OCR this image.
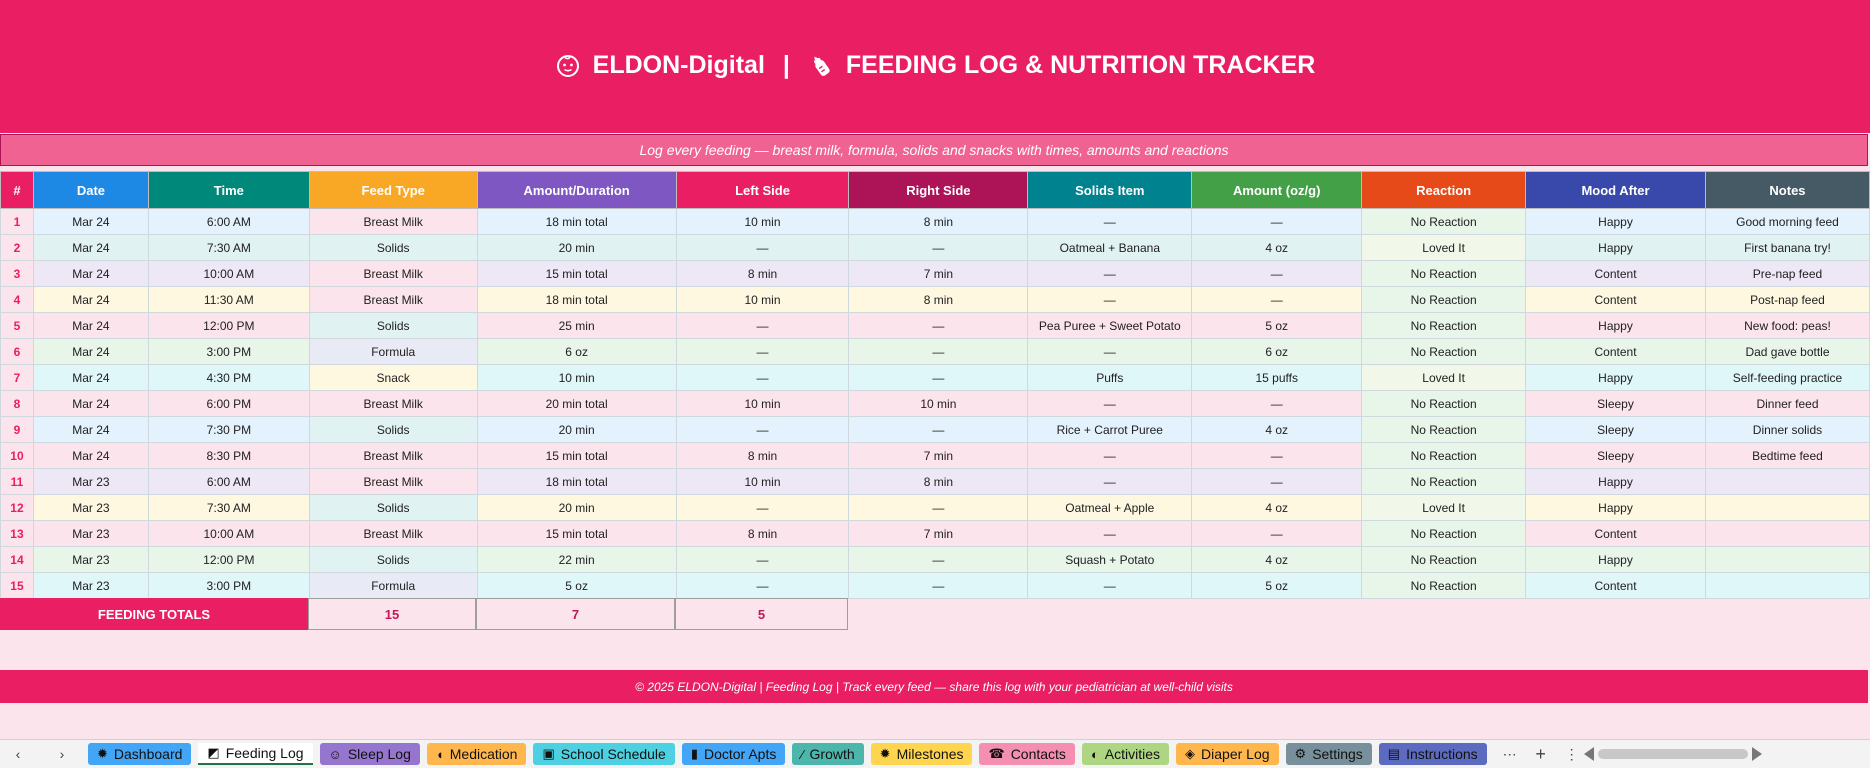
ELDON-Digital | FEEDING LOG & NUTRITION TRACKER
Log every feeding — breast milk, formula, solids and snacks with times, amounts and reactions
#	Date	Time	Feed Type	Amount/Duration	Left Side	Right Side	Solids Item	Amount (oz/g)	Reaction	Mood After	Notes
1	Mar 24	6:00 AM	Breast Milk	18 min total	10 min	8 min	—	—	No Reaction	Happy	Good morning feed
2	Mar 24	7:30 AM	Solids	20 min	—	—	Oatmeal + Banana	4 oz	Loved It	Happy	First banana try!
3	Mar 24	10:00 AM	Breast Milk	15 min total	8 min	7 min	—	—	No Reaction	Content	Pre-nap feed
4	Mar 24	11:30 AM	Breast Milk	18 min total	10 min	8 min	—	—	No Reaction	Content	Post-nap feed
5	Mar 24	12:00 PM	Solids	25 min	—	—	Pea Puree + Sweet Potato	5 oz	No Reaction	Happy	New food: peas!
6	Mar 24	3:00 PM	Formula	6 oz	—	—	—	6 oz	No Reaction	Content	Dad gave bottle
7	Mar 24	4:30 PM	Snack	10 min	—	—	Puffs	15 puffs	Loved It	Happy	Self-feeding practice
8	Mar 24	6:00 PM	Breast Milk	20 min total	10 min	10 min	—	—	No Reaction	Sleepy	Dinner feed
9	Mar 24	7:30 PM	Solids	20 min	—	—	Rice + Carrot Puree	4 oz	No Reaction	Sleepy	Dinner solids
10	Mar 24	8:30 PM	Breast Milk	15 min total	8 min	7 min	—	—	No Reaction	Sleepy	Bedtime feed
11	Mar 23	6:00 AM	Breast Milk	18 min total	10 min	8 min	—	—	No Reaction	Happy	
12	Mar 23	7:30 AM	Solids	20 min	—	—	Oatmeal + Apple	4 oz	Loved It	Happy	
13	Mar 23	10:00 AM	Breast Milk	15 min total	8 min	7 min	—	—	No Reaction	Content	
14	Mar 23	12:00 PM	Solids	22 min	—	—	Squash + Potato	4 oz	No Reaction	Happy	
15	Mar 23	3:00 PM	Formula	5 oz	—	—	—	5 oz	No Reaction	Content	
FEEDING TOTALS	15	7	5
© 2025 ELDON-Digital | Feeding Log | Track every feed — share this log with your pediatrician at well-child visits
‹	›	✹ Dashboard ◩ Feeding Log ☺ Sleep Log ◖ Medication ▣ School Schedule ▮ Doctor Apts ∕ Growth ✹ Milestones ☎ Contacts ◐ Activities ◈ Diaper Log ⚙ Settings ▤ Instructions	⋯	+	⋮
